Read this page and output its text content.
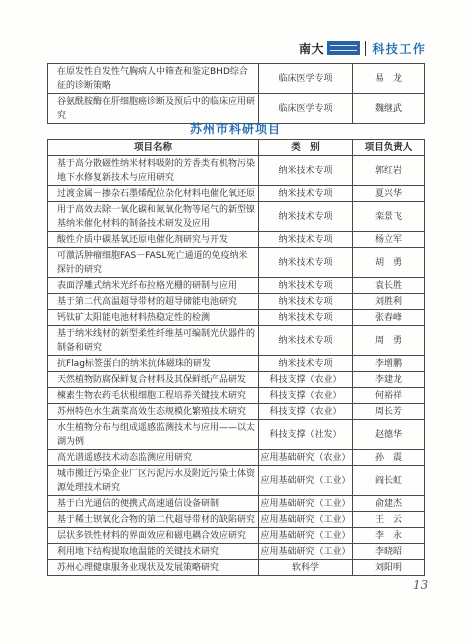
南大	科技工作
在原发性自发性气胸病人中筛查和鉴定BHD综合征的诊断策略	临床医学专项	易　龙
谷氨酰胺酶在肝细胞癌诊断及预后中的临床应用研究	临床医学专项	魏继武
苏州市科研项目
项目名称	类　别	项目负责人
基于高分散磁性纳米材料吸附的芳香类有机物污染地下水修复新技术与应用研究	纳米技术专项	郭红岩
过渡金属－掺杂石墨烯配位杂化材料电催化氧还原	纳米技术专项	夏兴华
用于高效去除一氧化碳和氮氧化物等尾气的新型镍基纳米催化材料的制备技术研发及应用	纳米技术专项	栾景飞
酸性介质中碳基氧还原电催化剂研究与开发	纳米技术专项	杨立军
可激活肿瘤细胞FAS－FASL死亡通道的免疫纳米探针的研究	纳米技术专项	胡　勇
表面浮雕式纳米光纤布拉格光栅的研制与应用	纳米技术专项	袁长胜
基于第二代高温超导带材的超导储能电池研究	纳米技术专项	刘胜利
钙钛矿太阳能电池材料热稳定性的检测	纳米技术专项	张春峰
基于纳米线材的新型柔性纤维基可编制光伏器件的制备和研究	纳米技术专项	周　勇
抗Flag标签蛋白的纳米抗体磁珠的研发	纳米技术专项	李增鹏
天然植物防腐保鲜复合材料及其保鲜纸产品研发	科技支撑（农业）	李建龙
楝素生物农药毛状根细胞工程培养关键技术研究	科技支撑（农业）	何裕祥
苏州特色水生蔬菜高效生态规模化繁殖技术研究	科技支撑（农业）	周长芳
水生植物分布与组成遥感监测技术与应用——以太湖为例	科技支撑（社发）	赵德华
高光谱遥感技术动态监测应用研究	应用基础研究（农业）	孙　震
城市搬迁污染企业厂区污泥污水及附近污染土体资源处理技术研究	应用基础研究（工业）	阎长虹
基于白光通信的便携式高速通信设备研制	应用基础研究（工业）	俞建杰
基于稀土钡氧化合物的第二代超导带材的缺陷研究	应用基础研究（工业）	王　云
层状多铁性材料的界面效应和磁电耦合效应研究	应用基础研究（工业）	李　永
利用地下结构提取地温能的关键技术研究	应用基础研究（工业）	李晓昭
苏州心理健康服务业现状及发展策略研究	软科学	刘阳明
13
